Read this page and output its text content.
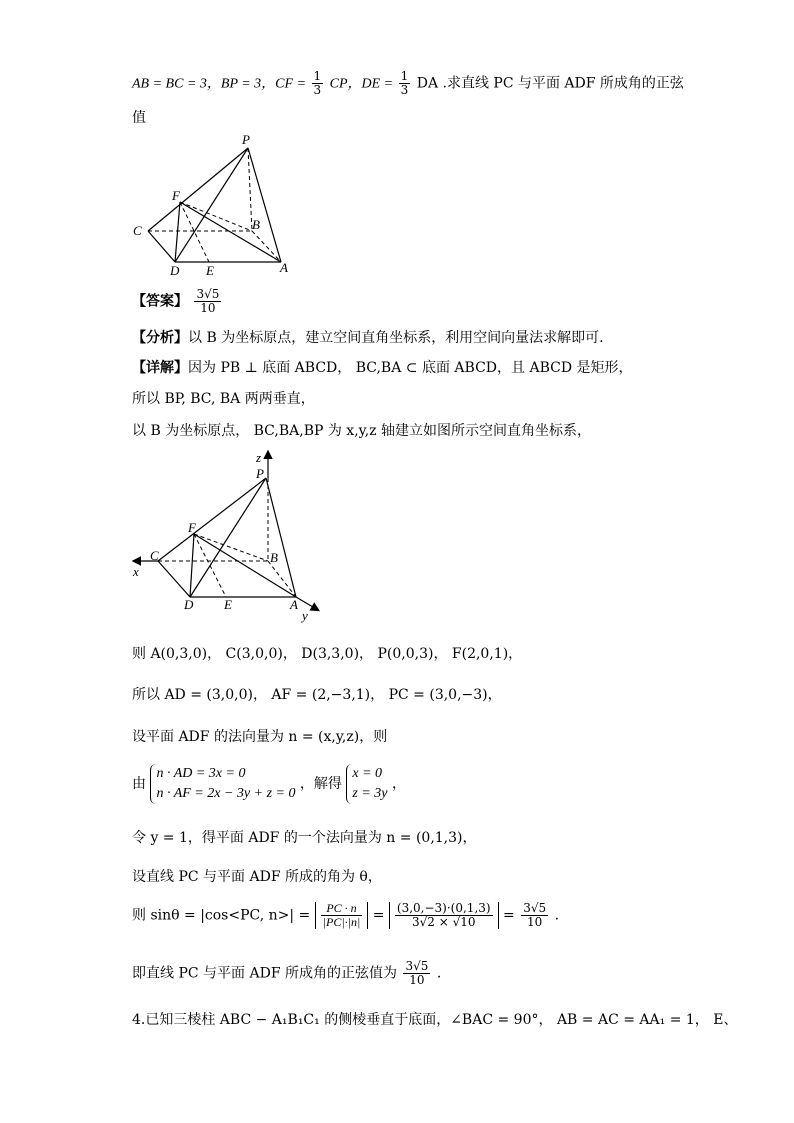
AB = BC = 3，BP = 3，CF = $\frac{1}{3}$ CP，DE = $\frac{1}{3}$ DA .求直线 PC 与平面 ADF 所成角的正弦
值
P
F
C	B
D E	A
【答案】 $\frac{3√5}{10}$
【分析】以 B 为坐标原点，建立空间直角坐标系，利用空间向量法求解即可.
【详解】因为 PB ⊥ 底面 ABCD， BC,BA ⊂ 底面 ABCD，且 ABCD 是矩形，
所以 BP, BC, BA 两两垂直，
以 B 为坐标原点， BC,BA,BP 为 x,y,z 轴建立如图所示空间直角坐标系，
z
P
F
C	B
x
D E	A
y
则 A(0,3,0)， C(3,0,0)， D(3,3,0)， P(0,0,3)， F(2,0,1)，
所以 AD = (3,0,0)， AF = (2,−3,1)， PC = (3,0,−3)，
设平面 ADF 的法向量为 n = (x,y,z)，则
由
n · AD = 3x = 0
n · AF = 2x − 3y + z = 0
，解得
x = 0
z = 3y
，
令 y = 1，得平面 ADF 的一个法向量为 n = (0,1,3)，
设直线 PC 与平面 ADF 所成的角为 θ，
则 sinθ = |cos<PC, $n>| = \frac{PC \cdot n}{|PC|\cdot|n|} = \frac{(3,0,-3)\cdot(0,1,3)}{3√2 \times √10} = \frac{3√5}{10}$ .
即直线 PC 与平面 ADF 所成角的正弦值为 $\frac{3√5}{10}$ .
4.已知三棱柱 ABC − A₁B₁C₁ 的侧棱垂直于底面，∠BAC = 90°， AB = AC = AA₁ = 1， E、
